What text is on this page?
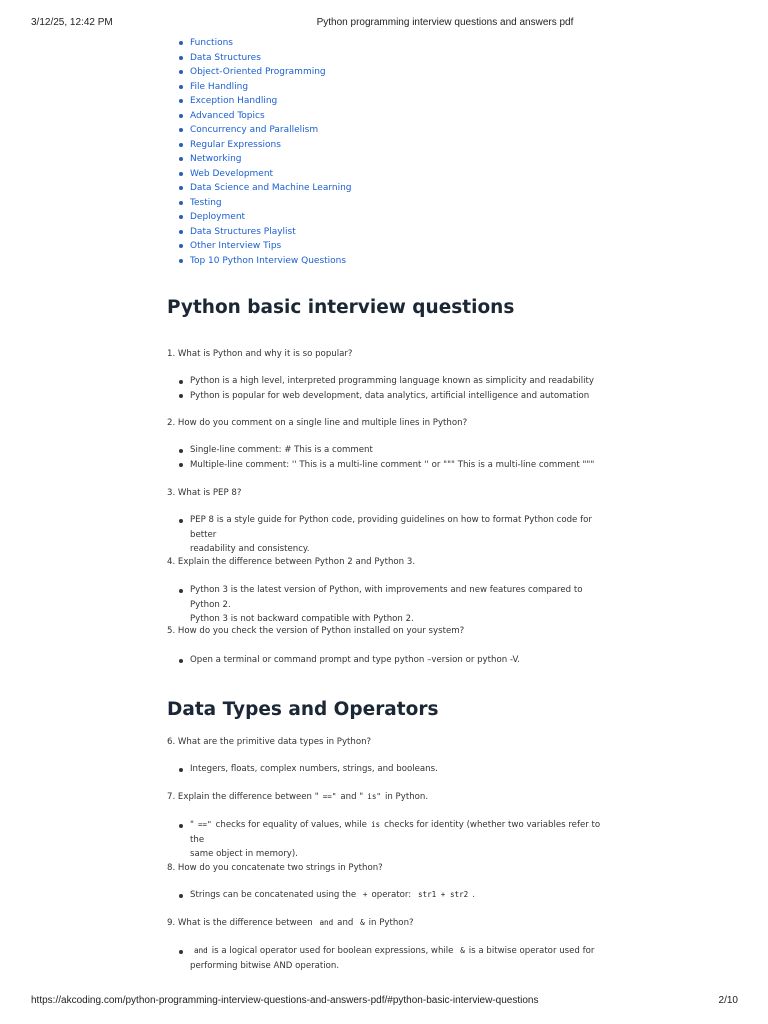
3/12/25, 12:42 PM	Python programming interview questions and answers pdf
Functions
Data Structures
Object-Oriented Programming
File Handling
Exception Handling
Advanced Topics
Concurrency and Parallelism
Regular Expressions
Networking
Web Development
Data Science and Machine Learning
Testing
Deployment
Data Structures Playlist
Other Interview Tips
Top 10 Python Interview Questions
Python basic interview questions
1. What is Python and why it is so popular?
Python is a high level, interpreted programming language known as simplicity and readability
Python is popular for web development, data analytics, artificial intelligence and automation
2. How do you comment on a single line and multiple lines in Python?
Single-line comment: # This is a comment
Multiple-line comment: '' This is a multi-line comment '' or """ This is a multi-line comment """
3. What is PEP 8?
PEP 8 is a style guide for Python code, providing guidelines on how to format Python code for better
readability and consistency.
4. Explain the difference between Python 2 and Python 3.
Python 3 is the latest version of Python, with improvements and new features compared to Python 2.
Python 3 is not backward compatible with Python 2.
5. How do you check the version of Python installed on your system?
Open a terminal or command prompt and type python –version or python -V.
Data Types and Operators
6. What are the primitive data types in Python?
Integers, floats, complex numbers, strings, and booleans.
7. Explain the difference between " ==" and " is" in Python.
" ==" checks for equality of values, while is checks for identity (whether two variables refer to the
same object in memory).
8. How do you concatenate two strings in Python?
Strings can be concatenated using the + operator: str1 + str2 .
9. What is the difference between and and & in Python?
and is a logical operator used for boolean expressions, while & is a bitwise operator used for
performing bitwise AND operation.
https://akcoding.com/python-programming-interview-questions-and-answers-pdf/#python-basic-interview-questions	2/10
